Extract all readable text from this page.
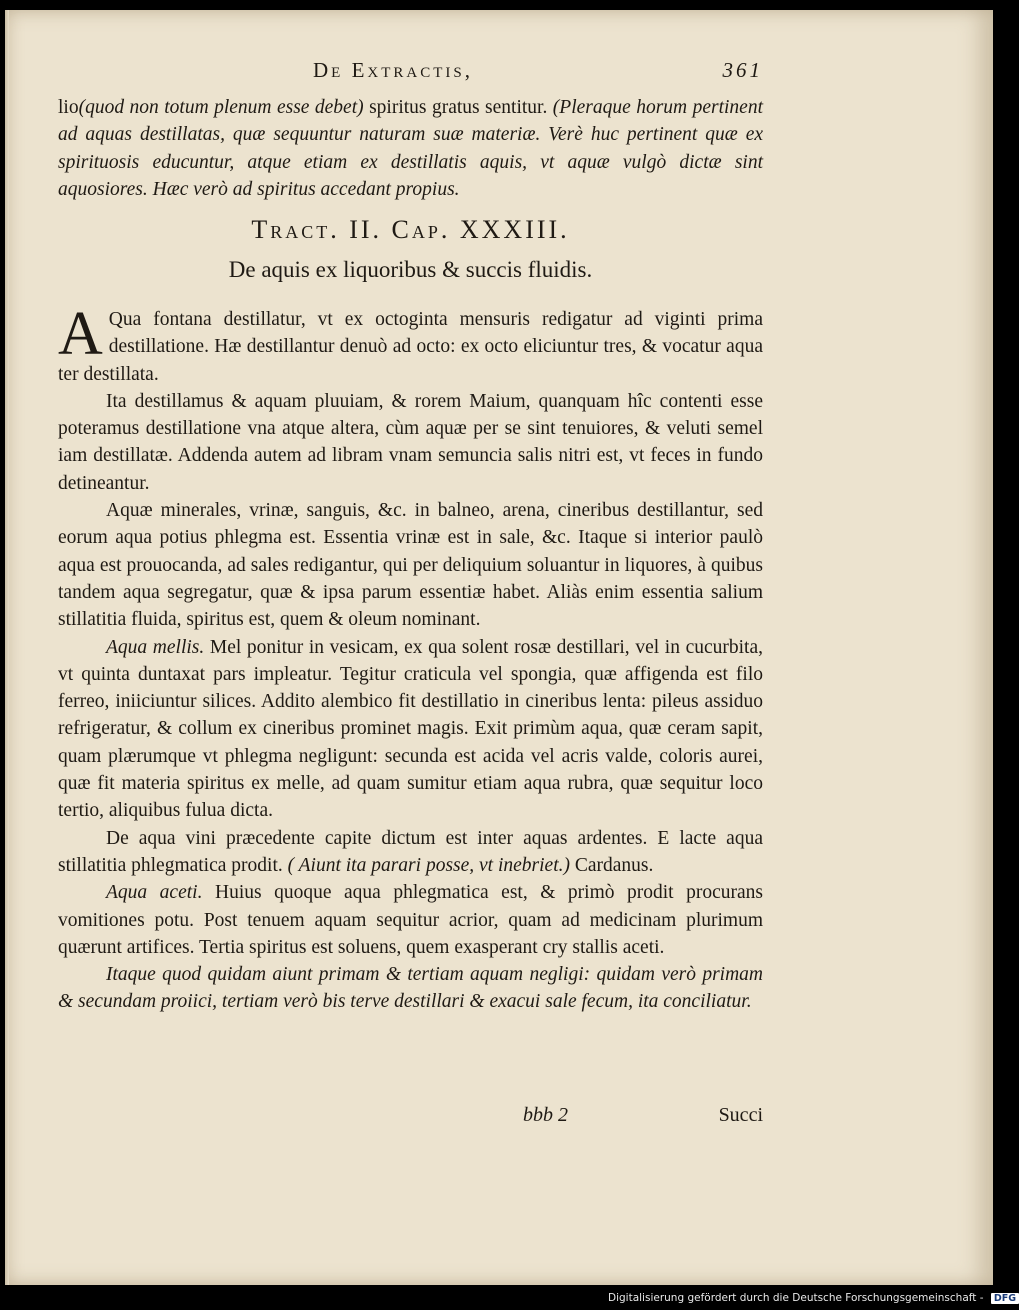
De Extractis,	361

lio(quod non totum plenum esse debet) spiritus gratus sentitur. (Pleraque horum pertinent ad aquas destillatas, quæ sequuntur naturam suæ materiæ. Verè huc pertinent quæ ex spirituosis educuntur, atque etiam ex destillatis aquis, vt aquæ vulgò dictæ sint aquosiores. Hæc verò ad spiritus accedant propius.

Tract. II. Cap. XXXIII.

De aquis ex liquoribus & succis fluidis.

A Qua fontana destillatur, vt ex octoginta mensuris redigatur ad viginti prima destillatione. Hæ destillantur denuò ad octo: ex octo eliciuntur tres, & vocatur aqua ter destillata.

Ita destillamus & aquam pluuiam, & rorem Maium, quanquam hîc contenti esse poteramus destillatione vna atque altera, cùm aquæ per se sint tenuiores, & veluti semel iam destillatæ. Addenda autem ad libram vnam semuncia salis nitri est, vt feces in fundo detineantur.

Aquæ minerales, vrinæ, sanguis, &c. in balneo, arena, cineribus destillantur, sed eorum aqua potius phlegma est. Essentia vrinæ est in sale, &c. Itaque si interior paulò aqua est prouocanda, ad sales redigantur, qui per deliquium soluantur in liquores, à quibus tandem aqua segregatur, quæ & ipsa parum essentiæ habet. Aliàs enim essentia salium stillatitia fluida, spiritus est, quem & oleum nominant.

Aqua mellis. Mel ponitur in vesicam, ex qua solent rosæ destillari, vel in cucurbita, vt quinta duntaxat pars impleatur. Tegitur craticula vel spongia, quæ affigenda est filo ferreo, iniiciuntur silices. Addito alembico fit destillatio in cineribus lenta: pileus assiduo refrigeratur, & collum ex cineribus prominet magis. Exit primùm aqua, quæ ceram sapit, quam plærumque vt phlegma negligunt: secunda est acida vel acris valde, coloris aurei, quæ fit materia spiritus ex melle, ad quam sumitur etiam aqua rubra, quæ sequitur loco tertio, aliquibus fulua dicta.

De aqua vini præcedente capite dictum est inter aquas ardentes. E lacte aqua stillatitia phlegmatica prodit. ( Aiunt ita parari posse, vt inebriet.) Cardanus.

Aqua aceti. Huius quoque aqua phlegmatica est, & primò prodit procurans vomitiones potu. Post tenuem aquam sequitur acrior, quam ad medicinam plurimum quærunt artifices. Tertia spiritus est soluens, quem exasperant cry stallis aceti.

Itaque quod quidam aiunt primam & tertiam aquam negligi: quidam verò primam & secundam proiici, tertiam verò bis terve destillari & exacui sale fecum, ita conciliatur.

bbb 2	Succi
Digitalisierung gefördert durch die Deutsche Forschungsgemeinschaft - DFG
